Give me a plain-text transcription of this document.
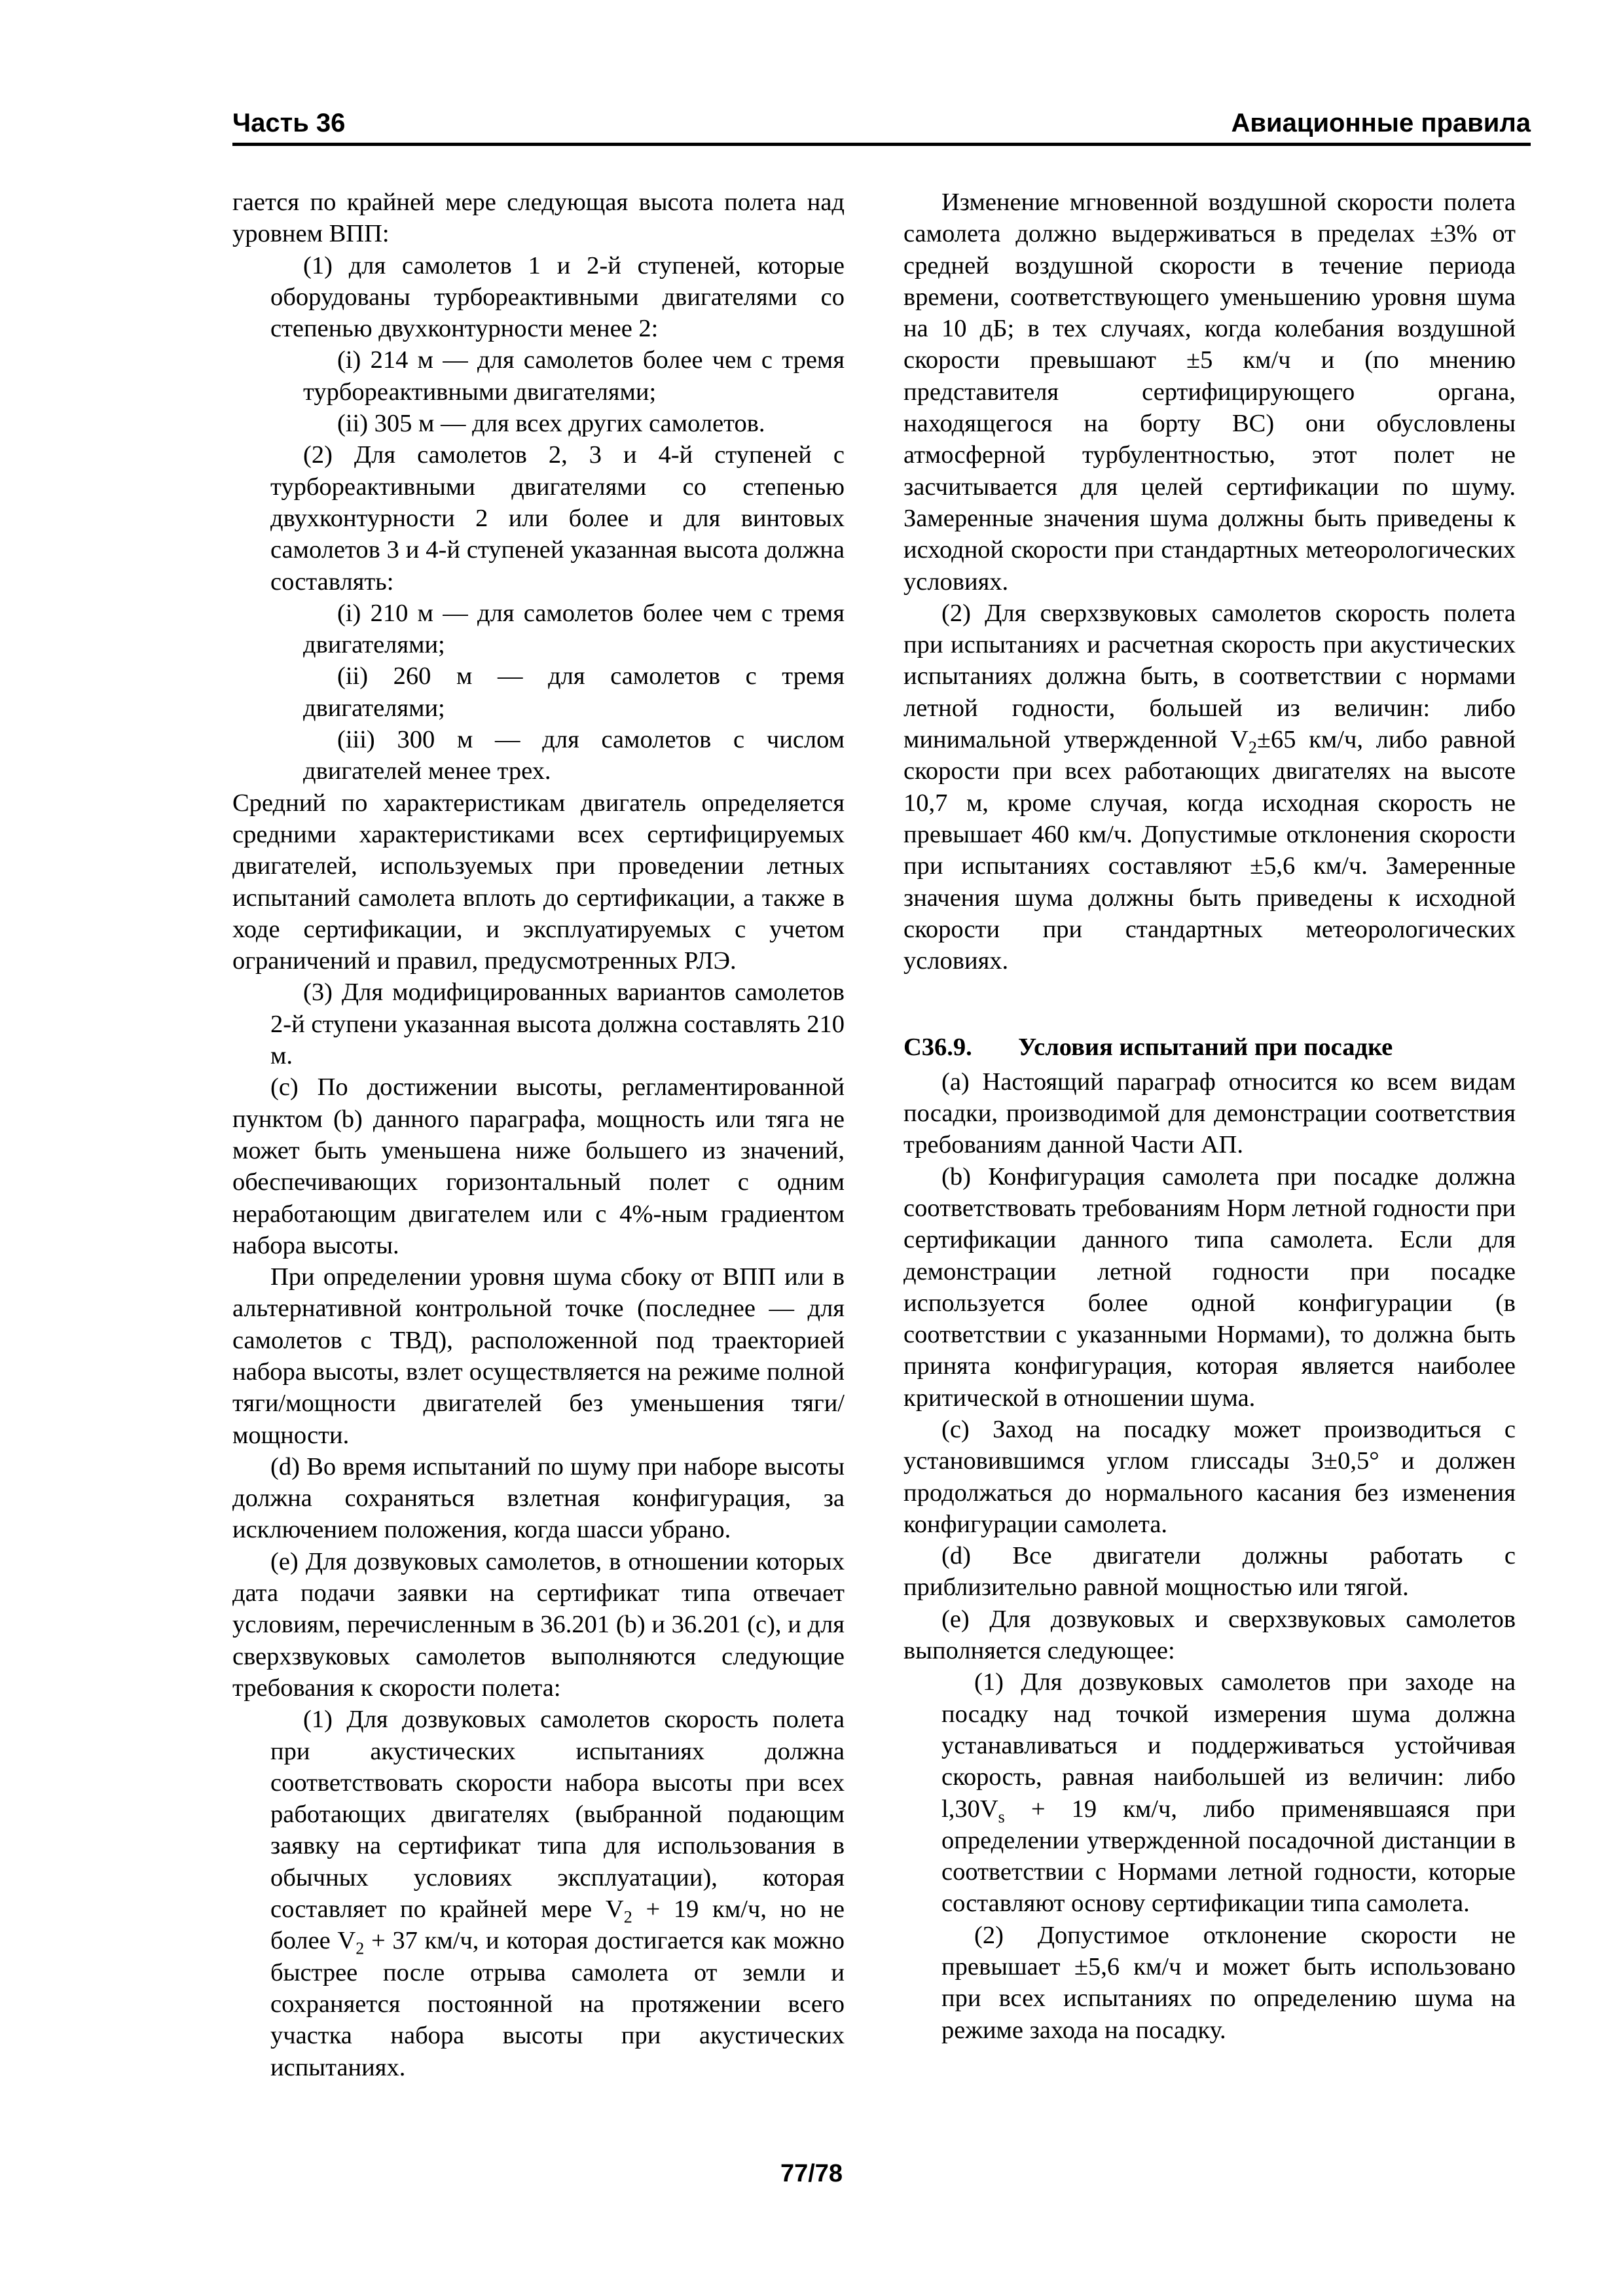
Часть 36	Авиационные правила

гается по крайней мере следующая высота полета над уровнем ВПП:

(1) для самолетов 1 и 2-й ступеней, которые оборудованы турбореактивными двигателями со степенью двухконтурности менее 2:

(i) 214 м — для самолетов более чем с тремя турбореактивными двигателями;

(ii) 305 м — для всех других самолетов.

(2) Для самолетов 2, 3 и 4-й ступеней с турбореактивными двигателями со степенью двухконтурности 2 или более и для винтовых самолетов 3 и 4-й ступеней указанная высота должна составлять:

(i) 210 м — для самолетов более чем с тремя двигателями;

(ii) 260 м — для самолетов с тремя двигателями;

(iii) 300 м — для самолетов с числом двигателей менее трех.

Средний по характеристикам двигатель определяется средними характеристиками всех сертифицируемых двигателей, используемых при проведении летных испытаний самолета вплоть до сертификации, а также в ходе сертификации, и эксплуатируемых с учетом ограничений и правил, предусмотренных РЛЭ.

(3) Для модифицированных вариантов самолетов 2-й ступени указанная высота должна составлять 210 м.

(с) По достижении высоты, регламентированной пунктом (b) данного параграфа, мощность или тяга не может быть уменьшена ниже большего из значений, обеспечивающих горизонтальный полет с одним неработающим двигателем или с 4%-ным градиентом набора высоты.

При определении уровня шума сбоку от ВПП или в альтернативной контрольной точке (последнее — для самолетов с ТВД), расположенной под траекторией набора высоты, взлет осуществляется на режиме полной тяги/мощности двигателей без уменьшения тяги/мощности.

(d) Во время испытаний по шуму при наборе высоты должна сохраняться взлетная конфигурация, за исключением положения, когда шасси убрано.

(е) Для дозвуковых самолетов, в отношении которых дата подачи заявки на сертификат типа отвечает условиям, перечисленным в 36.201 (b) и 36.201 (с), и для сверхзвуковых самолетов выполняются следующие требования к скорости полета:

(1) Для дозвуковых самолетов скорость полета при акустических испытаниях должна соответствовать скорости набора высоты при всех работающих двигателях (выбранной подающим заявку на сертификат типа для использования в обычных условиях эксплуатации), которая составляет по крайней мере $V_2 + 19$ км/ч, но не более $V_2 + 37$ км/ч, и которая достигается как можно быстрее после отрыва самолета от земли и сохраняется постоянной на протяжении всего участка набора высоты при акустических испытаниях.

Изменение мгновенной воздушной скорости полета самолета должно выдерживаться в пределах ±3% от средней воздушной скорости в течение периода времени, соответствующего уменьшению уровня шума на 10 дБ; в тех случаях, когда колебания воздушной скорости превышают ±5 км/ч и (по мнению представителя сертифицирующего органа, находящегося на борту ВС) они обусловлены атмосферной турбулентностью, этот полет не засчитывается для целей сертификации по шуму. Замеренные значения шума должны быть приведены к исходной скорости при стандартных метеорологических условиях.

(2) Для сверхзвуковых самолетов скорость полета при испытаниях и расчетная скорость при акустических испытаниях должна быть, в соответствии с нормами летной годности, большей из величин: либо минимальной утвержденной $V_2\pm 65$ км/ч, либо равной скорости при всех работающих двигателях на высоте 10,7 м, кроме случая, когда исходная скорость не превышает 460 км/ч. Допустимые отклонения скорости при испытаниях составляют ±5,6 км/ч. Замеренные значения шума должны быть приведены к исходной скорости при стандартных метеорологических условиях.

С36.9. Условия испытаний при посадке

(а) Настоящий параграф относится ко всем видам посадки, производимой для демонстрации соответствия требованиям данной Части АП.

(b) Конфигурация самолета при посадке должна соответствовать требованиям Норм летной годности при сертификации данного типа самолета. Если для демонстрации летной годности при посадке используется более одной конфигурации (в соответствии с указанными Нормами), то должна быть принята конфигурация, которая является наиболее критической в отношении шума.

(с) Заход на посадку может производиться с установившимся углом глиссады 3±0,5° и должен продолжаться до нормального касания без изменения конфигурации самолета.

(d) Все двигатели должны работать с приблизительно равной мощностью или тягой.

(е) Для дозвуковых и сверхзвуковых самолетов выполняется следующее:

(1) Для дозвуковых самолетов при заходе на посадку над точкой измерения шума должна устанавливаться и поддерживаться устойчивая скорость, равная наибольшей из величин: либо $l,30V_s + 19$ км/ч, либо применявшаяся при определении утвержденной посадочной дистанции в соответствии с Нормами летной годности, которые составляют основу сертификации типа самолета.

(2) Допустимое отклонение скорости не превышает ±5,6 км/ч и может быть использовано при всех испытаниях по определению шума на режиме захода на посадку.

77/78
